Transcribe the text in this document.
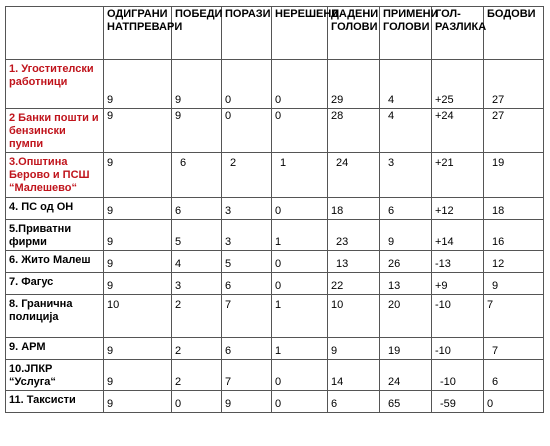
	ОДИГРАНИ НАТПРЕВАРИ	ПОБЕДИ	ПОРАЗИ	НЕРЕШЕНИ	ДАДЕНИ ГОЛОВИ	ПРИМЕНИ ГОЛОВИ	ГОЛ-РАЗЛИКА	БОДОВИ
1. Угостителски работници	9	9	0	0	29	4	+25	27
2 Банки пошти и бензински пумпи	9	9	0	0	28	4	+24	27
3.Општина Берово и ПСШ “Малешево“	9	6	2	1	24	3	+21	19
4. ПС од ОН	9	6	3	0	18	6	+12	18
5.Приватни фирми	9	5	3	1	23	9	+14	16
6. Жито Малеш	9	4	5	0	13	26	-13	12
7. Фагус	9	3	6	0	22	13	+9	9
8. Гранична полиција	10	2	7	1	10	20	-10	7
9. АРМ	9	2	6	1	9	19	-10	7
10.ЈПКР “Услуга“	9	2	7	0	14	24	-10	6
11. Таксисти	9	0	9	0	6	65	-59	0
